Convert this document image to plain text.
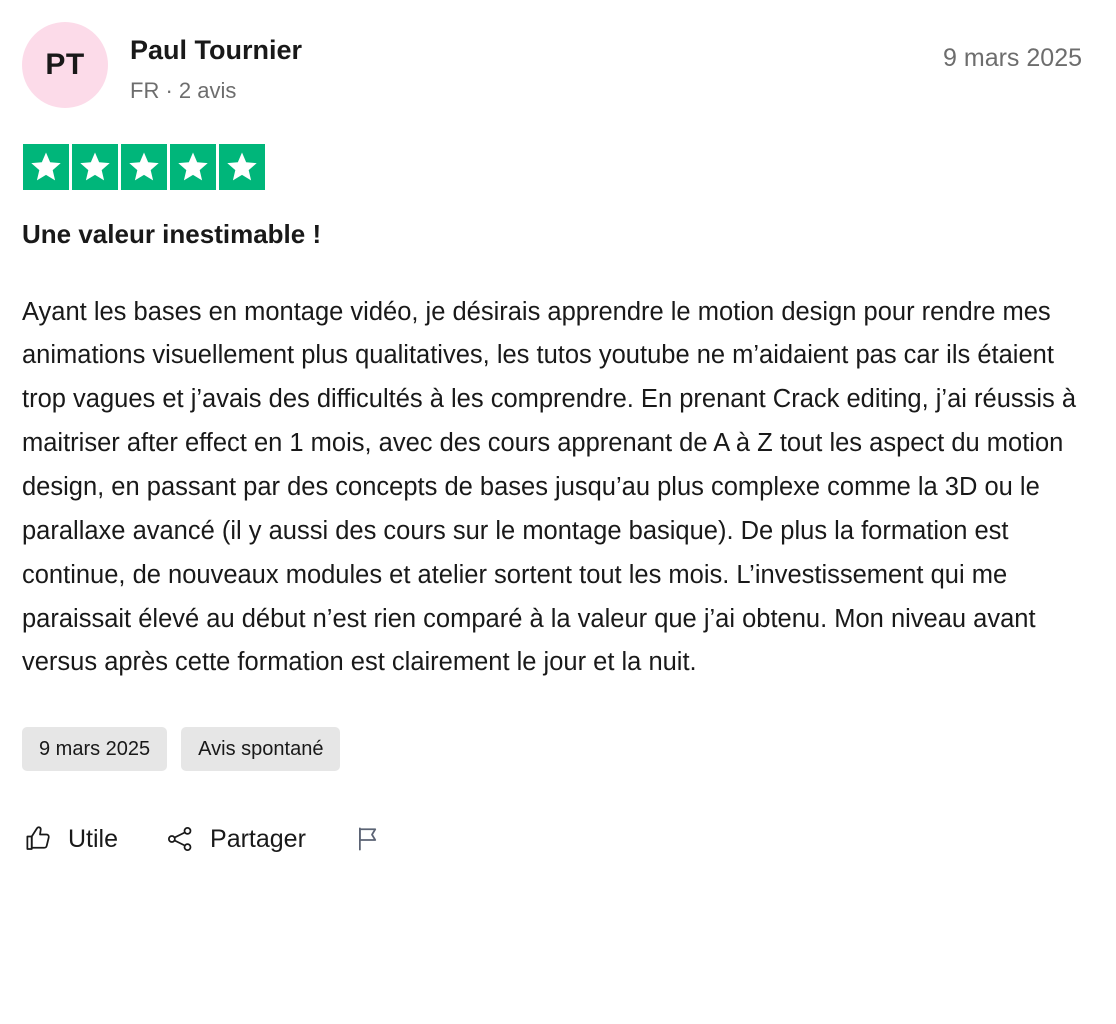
PT Paul Tournier
FR · 2 avis
9 mars 2025
Une valeur inestimable !

Ayant les bases en montage vidéo, je désirais apprendre le motion design pour rendre mes animations visuellement plus qualitatives, les tutos youtube ne m’aidaient pas car ils étaient trop vagues et j’avais des difficultés à les comprendre. En prenant Crack editing, j’ai réussis à maitriser after effect en 1 mois, avec des cours apprenant de A à Z tout les aspect du motion design, en passant par des concepts de bases jusqu’au plus complexe comme la 3D ou le parallaxe avancé (il y aussi des cours sur le montage basique). De plus la formation est continue, de nouveaux modules et atelier sortent tout les mois. L’investissement qui me paraissait élevé au début n’est rien comparé à la valeur que j’ai obtenu. Mon niveau avant versus après cette formation est clairement le jour et la nuit.

9 mars 2025	Avis spontané
Utile	Partager
